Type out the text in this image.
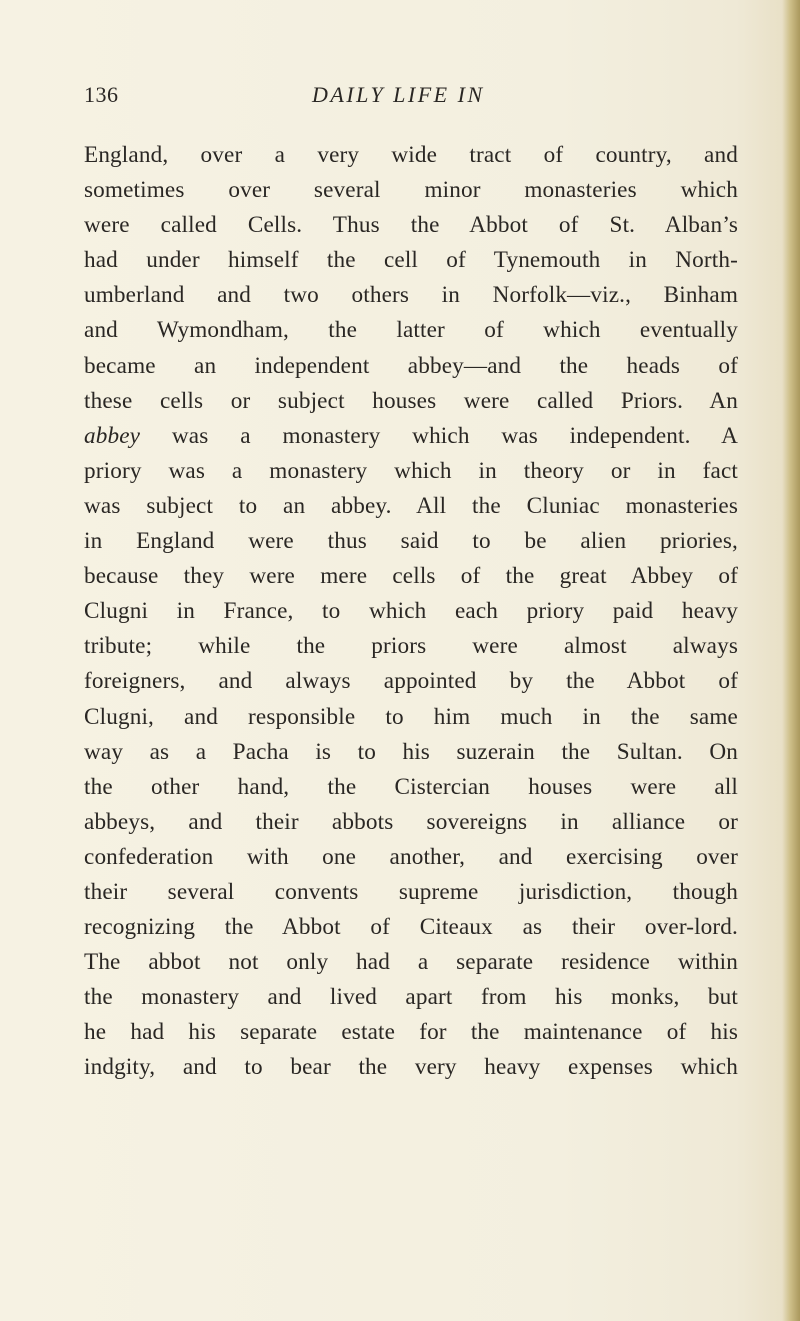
136	DAILY LIFE IN
England, over a very wide tract of country, and
sometimes over several minor monasteries which
were called Cells. Thus the Abbot of St. Alban’s
had under himself the cell of Tynemouth in North-
umberland and two others in Norfolk—viz., Binham
and Wymondham, the latter of which eventually
became an independent abbey—and the heads of
these cells or subject houses were called Priors. An
abbey was a monastery which was independent. A
priory was a monastery which in theory or in fact
was subject to an abbey. All the Cluniac monasteries
in England were thus said to be alien priories,
because they were mere cells of the great Abbey of
Clugni in France, to which each priory paid heavy
tribute; while the priors were almost always
foreigners, and always appointed by the Abbot of
Clugni, and responsible to him much in the same
way as a Pacha is to his suzerain the Sultan. On
the other hand, the Cistercian houses were all
abbeys, and their abbots sovereigns in alliance or
confederation with one another, and exercising over
their several convents supreme jurisdiction, though
recognizing the Abbot of Citeaux as their over-lord.
The abbot not only had a separate residence within
the monastery and lived apart from his monks, but
he had his separate estate for the maintenance of his
indgity, and to bear the very heavy expenses which
